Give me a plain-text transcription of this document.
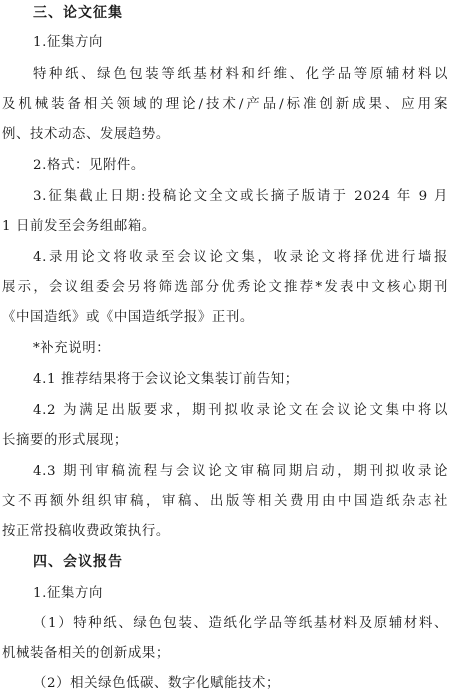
三、论文征集
1.征集方向
特种纸、绿色包装等纸基材料和纤维、化学品等原辅材料以
及机械装备相关领域的理论/技术/产品/标准创新成果、应用案
例、技术动态、发展趋势。
2.格式：见附件。
3.征集截止日期:投稿论文全文或长摘子版请于 2024 年 9 月
1 日前发至会务组邮箱。
4.录用论文将收录至会议论文集，收录论文将择优进行墙报
展示，会议组委会另将筛选部分优秀论文推荐*发表中文核心期刊
《中国造纸》或《中国造纸学报》正刊。
*补充说明：
4.1 推荐结果将于会议论文集装订前告知；
4.2 为满足出版要求，期刊拟收录论文在会议论文集中将以
长摘要的形式展现；
4.3 期刊审稿流程与会议论文审稿同期启动，期刊拟收录论
文不再额外组织审稿，审稿、出版等相关费用由中国造纸杂志社
按正常投稿收费政策执行。
四、会议报告
1.征集方向
（1）特种纸、绿色包装、造纸化学品等纸基材料及原辅材料、
机械装备相关的创新成果；
（2）相关绿色低碳、数字化赋能技术；
